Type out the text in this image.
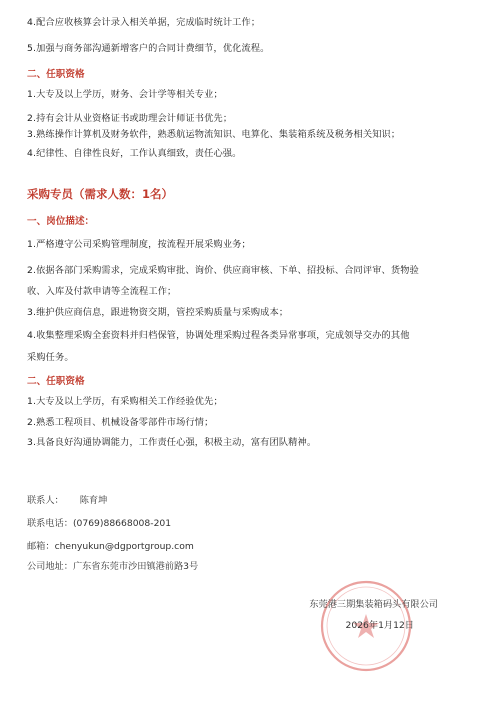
4.配合应收核算会计录入相关单据，完成临时统计工作；
5.加强与商务部沟通新增客户的合同计费细节，优化流程。
二、任职资格
1.大专及以上学历，财务、会计学等相关专业；
2.持有会计从业资格证书或助理会计师证书优先；
3.熟练操作计算机及财务软件，熟悉航运物流知识、电算化、集装箱系统及税务相关知识；
4.纪律性、自律性良好，工作认真细致，责任心强。
采购专员（需求人数：1名）
一、岗位描述：
1.严格遵守公司采购管理制度，按流程开展采购业务；
2.依据各部门采购需求，完成采购审批、询价、供应商审核、下单、招投标、合同评审、货物验
收、入库及付款申请等全流程工作；
3.维护供应商信息，跟进物资交期，管控采购质量与采购成本；
4.收集整理采购全套资料并归档保管，协调处理采购过程各类异常事项，完成领导交办的其他
采购任务。
二、任职资格
1.大专及以上学历，有采购相关工作经验优先；
2.熟悉工程项目、机械设备零部件市场行情；
3.具备良好沟通协调能力，工作责任心强，积极主动，富有团队精神。
联系人： 陈育坤
联系电话：(0769)88668008-201
邮箱：chenyukun@dgportgroup.com
公司地址：广东省东莞市沙田镇港前路3号
东莞港三期集装箱码头有限公司
2026年1月12日
